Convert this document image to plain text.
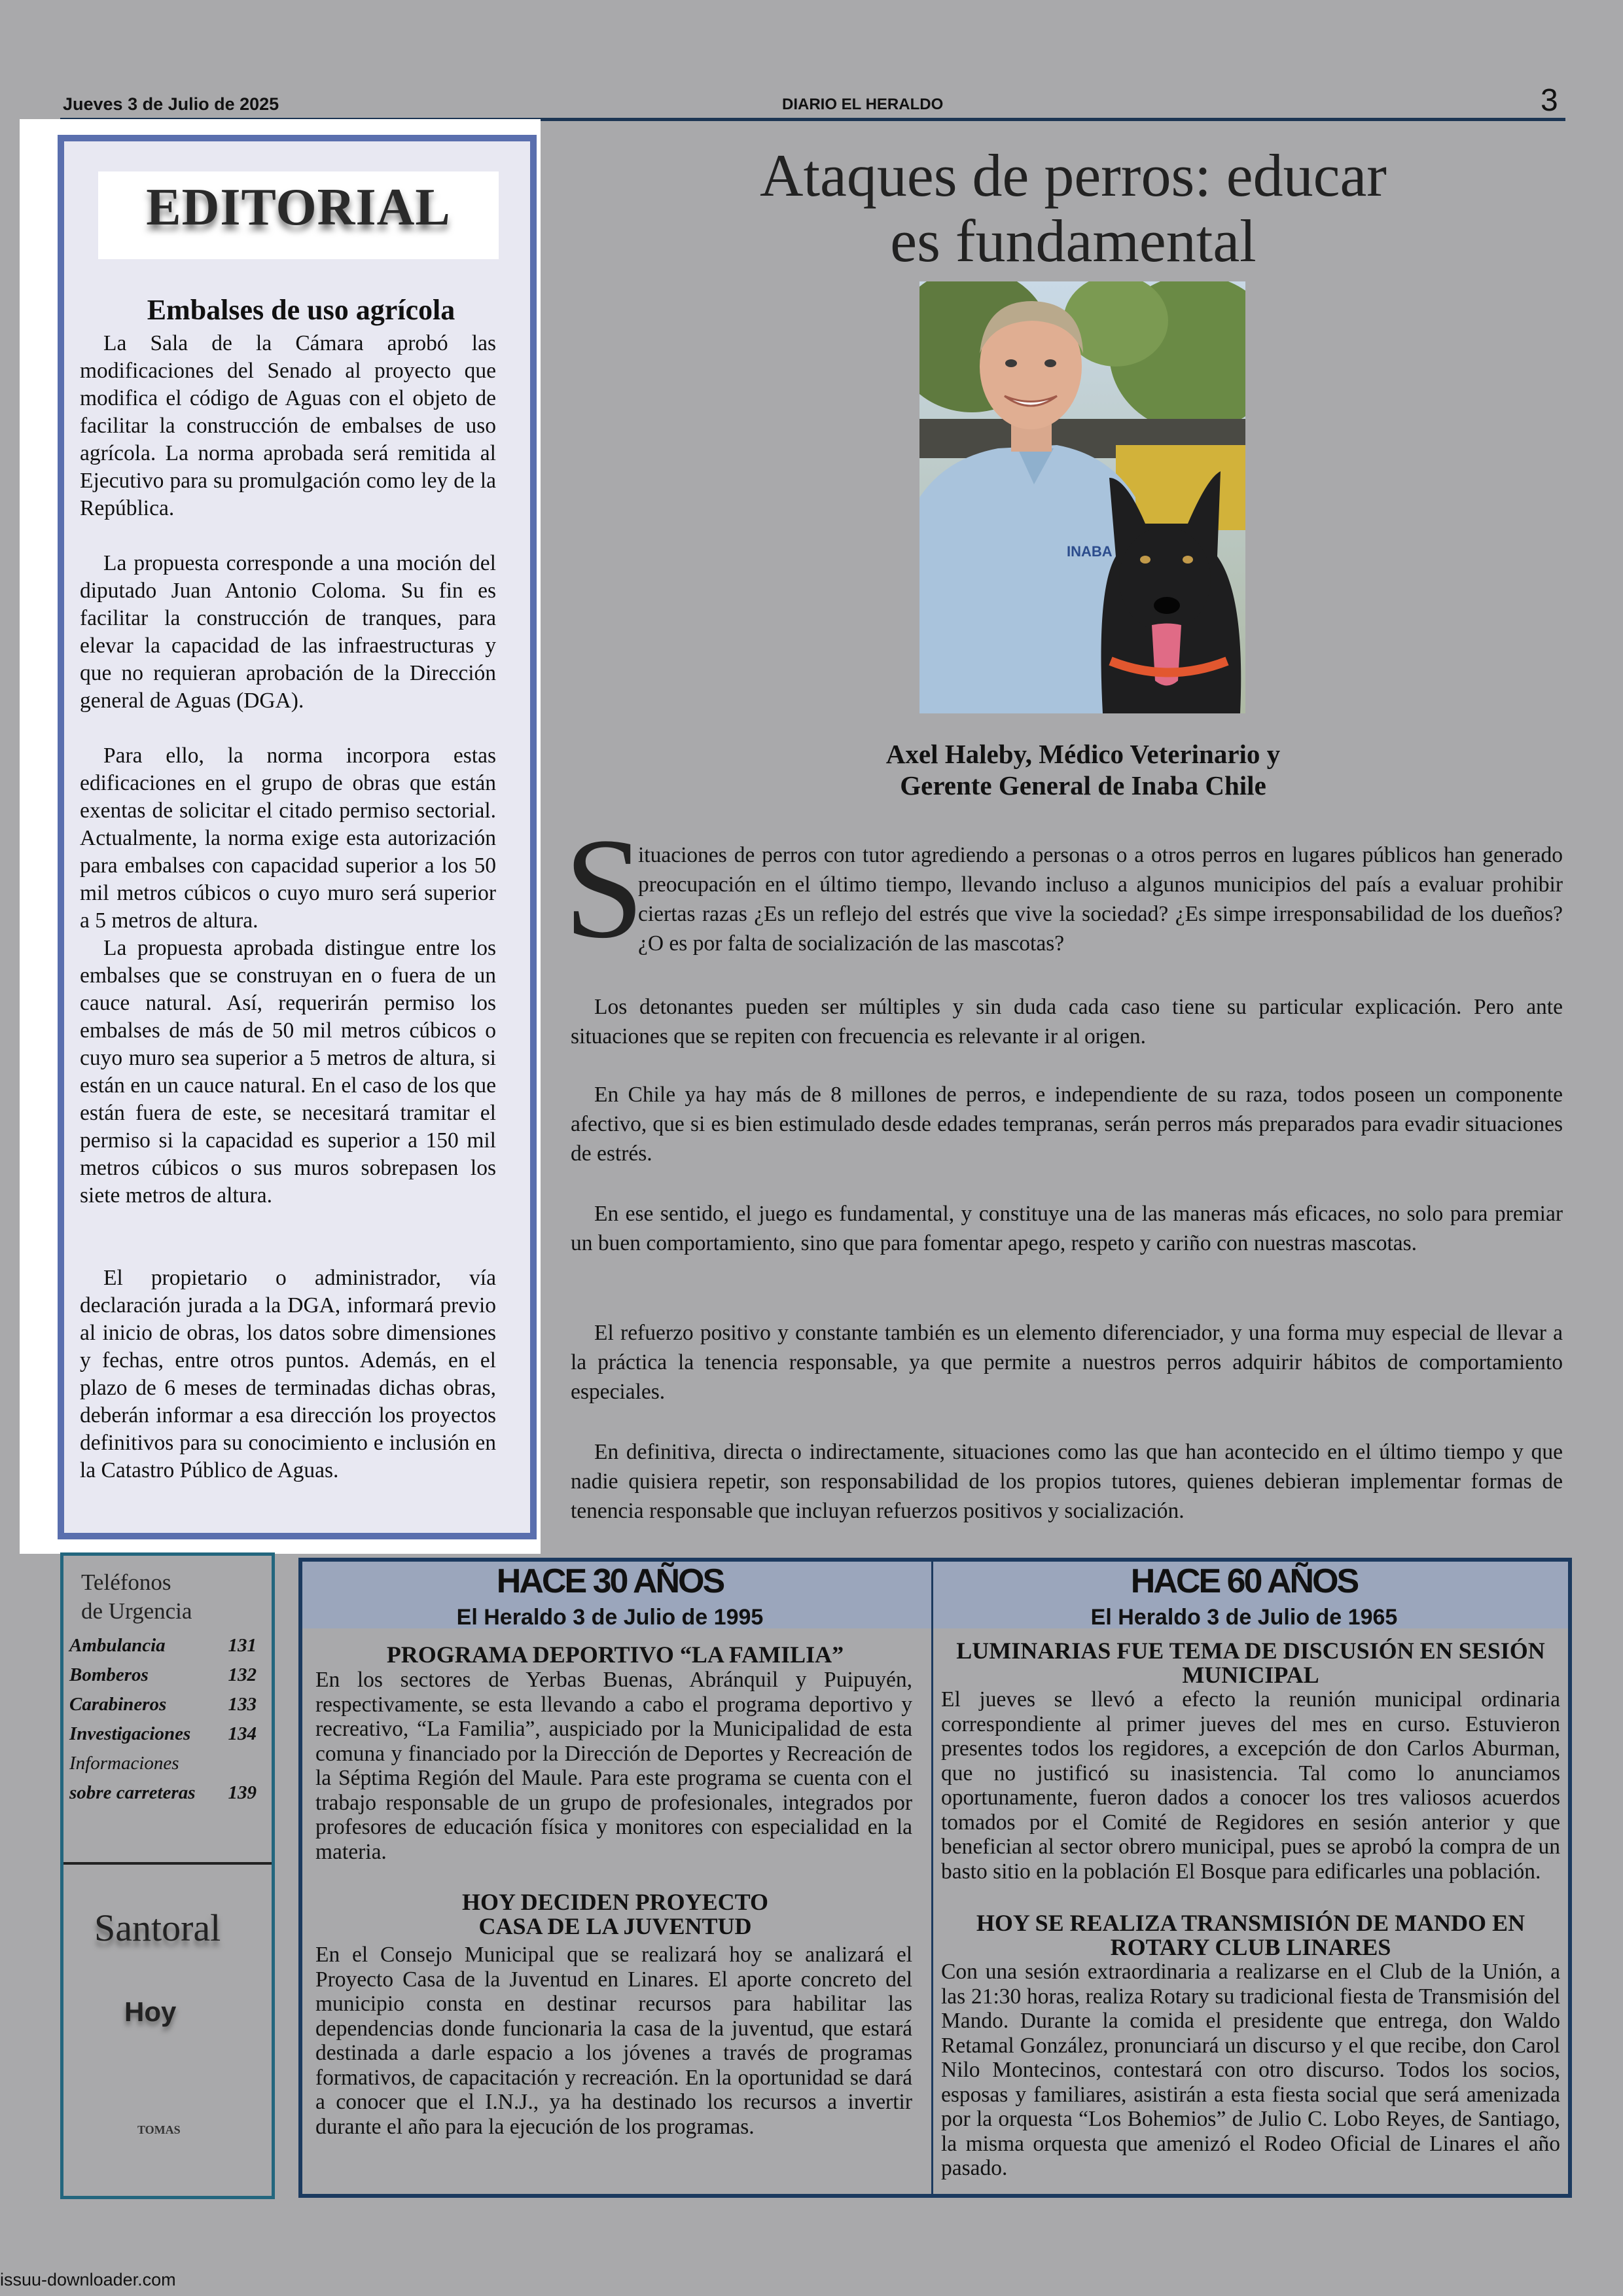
Jueves 3 de Julio de 2025	DIARIO EL HERALDO	3
EDITORIAL
Embalses de uso agrícola
La Sala de la Cámara aprobó las modificaciones del Senado al proyecto que modifica el código de Aguas con el objeto de facilitar la construcción de embalses de uso agrícola. La norma aprobada será remitida al Ejecutivo para su promulgación como ley de la República.
La propuesta corresponde a una moción del diputado Juan Antonio Coloma. Su fin es facilitar la construcción de tranques, para elevar la capacidad de las infraestructuras y que no requieran aprobación de la Dirección general de Aguas (DGA).
Para ello, la norma incorpora estas edificaciones en el grupo de obras que están exentas de solicitar el citado permiso sectorial. Actualmente, la norma exige esta autorización para embalses con capacidad superior a los 50 mil metros cúbicos o cuyo muro será superior a 5 metros de altura.
La propuesta aprobada distingue entre los embalses que se construyan en o fuera de un cauce natural. Así, requerirán permiso los embalses de más de 50 mil metros cúbicos o cuyo muro sea superior a 5 metros de altura, si están en un cauce natural. En el caso de los que están fuera de este, se necesitará tramitar el permiso si la capacidad es superior a 150 mil metros cúbicos o sus muros sobrepasen los siete metros de altura.
El propietario o administrador, vía declaración jurada a la DGA, informará previo al inicio de obras, los datos sobre dimensiones y fechas, entre otros puntos. Además, en el plazo de 6 meses de terminadas dichas obras, deberán informar a esa dirección los proyectos definitivos para su conocimiento e inclusión en la Catastro Público de Aguas.
Ataques de perros: educar
es fundamental
INABA
Axel Haleby, Médico Veterinario y
Gerente General de Inaba Chile
S
ituaciones de perros con tutor agrediendo a personas o a otros perros en lugares públicos han generado preocupación en el último tiempo, llevando incluso a algunos municipios del país a evaluar prohibir ciertas razas ¿Es un reflejo del estrés que vive la sociedad? ¿Es simpe irresponsabilidad de los dueños? ¿O es por falta de socialización de las mascotas?
Los detonantes pueden ser múltiples y sin duda cada caso tiene su particular explicación. Pero ante situaciones que se repiten con frecuencia es relevante ir al origen.
En Chile ya hay más de 8 millones de perros, e independiente de su raza, todos poseen un componente afectivo, que si es bien estimulado desde edades tempranas, serán perros más preparados para evadir situaciones de estrés.
En ese sentido, el juego es fundamental, y constituye una de las maneras más eficaces, no solo para premiar un buen comportamiento, sino que para fomentar apego, respeto y cariño con nuestras mascotas.
El refuerzo positivo y constante también es un elemento diferenciador, y una forma muy especial de llevar a la práctica la tenencia responsable, ya que permite a nuestros perros adquirir hábitos de comportamiento especiales.
En definitiva, directa o indirectamente, situaciones como las que han acontecido en el último tiempo y que nadie quisiera repetir, son responsabilidad de los propios tutores, quienes debieran implementar formas de tenencia responsable que incluyan refuerzos positivos y socialización.
Teléfonos
de Urgencia
Ambulancia	131
Bomberos	132
Carabineros	133
Investigaciones 134
Informaciones
sobre carreteras 139
Santoral
Hoy
TOMAS
HACE 30 AÑOS
El Heraldo 3 de Julio de 1995
PROGRAMA DEPORTIVO “LA FAMILIA”
En los sectores de Yerbas Buenas, Abránquil y Puipuyén, respectivamente, se esta llevando a cabo el programa deportivo y recreativo, “La Familia”, auspiciado por la Municipalidad de esta comuna y financiado por la Dirección de Deportes y Recreación de la Séptima Región del Maule. Para este programa se cuenta con el trabajo responsable de un grupo de profesionales, integrados por profesores de educación física y monitores con especialidad en la materia.
HOY DECIDEN PROYECTO
CASA DE LA JUVENTUD
En el Consejo Municipal que se realizará hoy se analizará el Proyecto Casa de la Juventud en Linares. El aporte concreto del municipio consta en destinar recursos para habilitar las dependencias donde funcionaria la casa de la juventud, que estará destinada a darle espacio a los jóvenes a través de programas formativos, de capacitación y recreación. En la oportunidad se dará a conocer que el I.N.J., ya ha destinado los recursos a invertir durante el año para la ejecución de los programas.
HACE 60 AÑOS
El Heraldo 3 de Julio de 1965
LUMINARIAS FUE TEMA DE DISCUSIÓN EN SESIÓN
MUNICIPAL
El jueves se llevó a efecto la reunión municipal ordinaria correspondiente al primer jueves del mes en curso. Estuvieron presentes todos los regidores, a excepción de don Carlos Aburman, que no justificó su inasistencia. Tal como lo anunciamos oportunamente, fueron dados a conocer los tres valiosos acuerdos tomados por el Comité de Regidores en sesión anterior y que benefician al sector obrero municipal, pues se aprobó la compra de un basto sitio en la población El Bosque para edificarles una población.
HOY SE REALIZA TRANSMISIÓN DE MANDO EN
ROTARY CLUB LINARES
Con una sesión extraordinaria a realizarse en el Club de la Unión, a las 21:30 horas, realiza Rotary su tradicional fiesta de Transmisión del Mando. Durante la comida el presidente que entrega, don Waldo Retamal González, pronunciará un discurso y el que recibe, don Carol Nilo Montecinos, contestará con otro discurso. Todos los socios, esposas y familiares, asistirán a esta fiesta social que será amenizada por la orquesta “Los Bohemios” de Julio C. Lobo Reyes, de Santiago, la misma orquesta que amenizó el Rodeo Oficial de Linares el año pasado.
issuu-downloader.com
